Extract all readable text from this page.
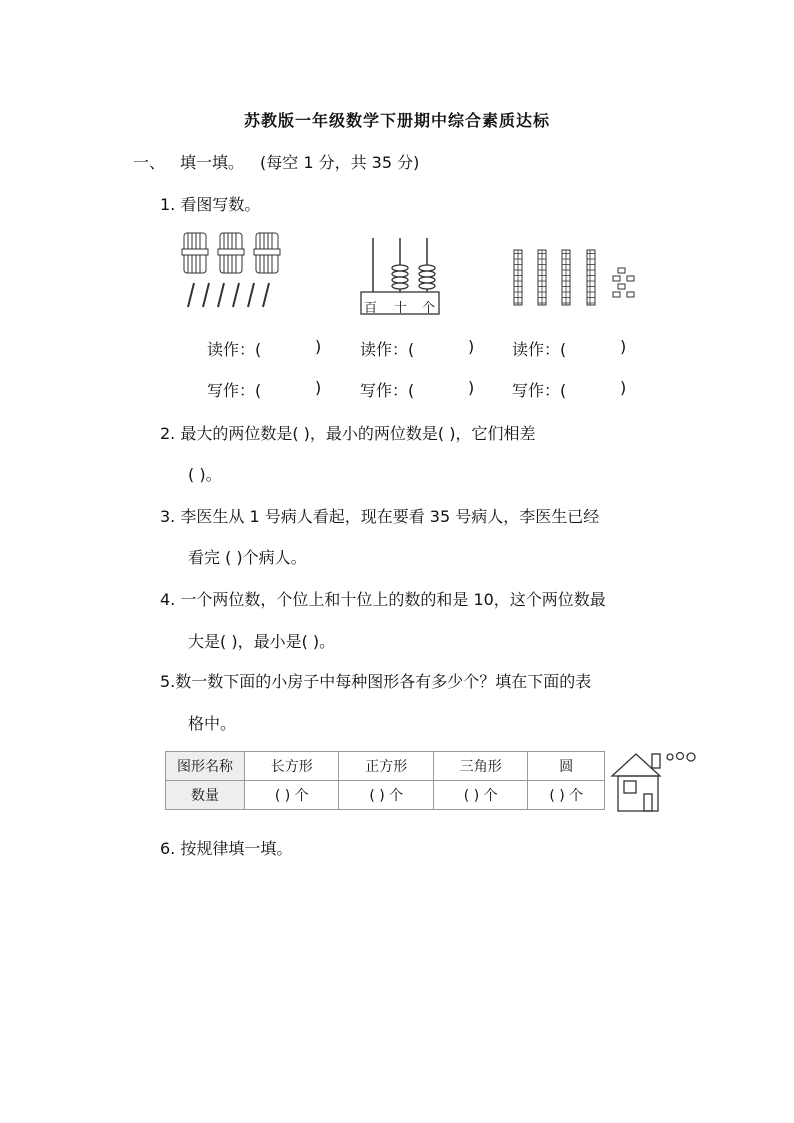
苏教版一年级数学下册期中综合素质达标
一、 填一填。 (每空 1 分，共 35 分)
1. 看图写数。
百 十 个
读作：(	) 读作：(	) 读作：(	)
写作：(	) 写作：(	) 写作：(	)
2. 最大的两位数是( )，最小的两位数是( )，它们相差
( )。
3. 李医生从 1 号病人看起，现在要看 35 号病人，李医生已经
看完 ( )个病人。
4. 一个两位数，个位上和十位上的数的和是 10，这个两位数最
大是( )，最小是( )。
5.数一数下面的小房子中每种图形各有多少个？填在下面的表
格中。
图形名称	长方形	正方形	三角形	圆
数量	( ) 个	( ) 个	( ) 个	( ) 个
6. 按规律填一填。
